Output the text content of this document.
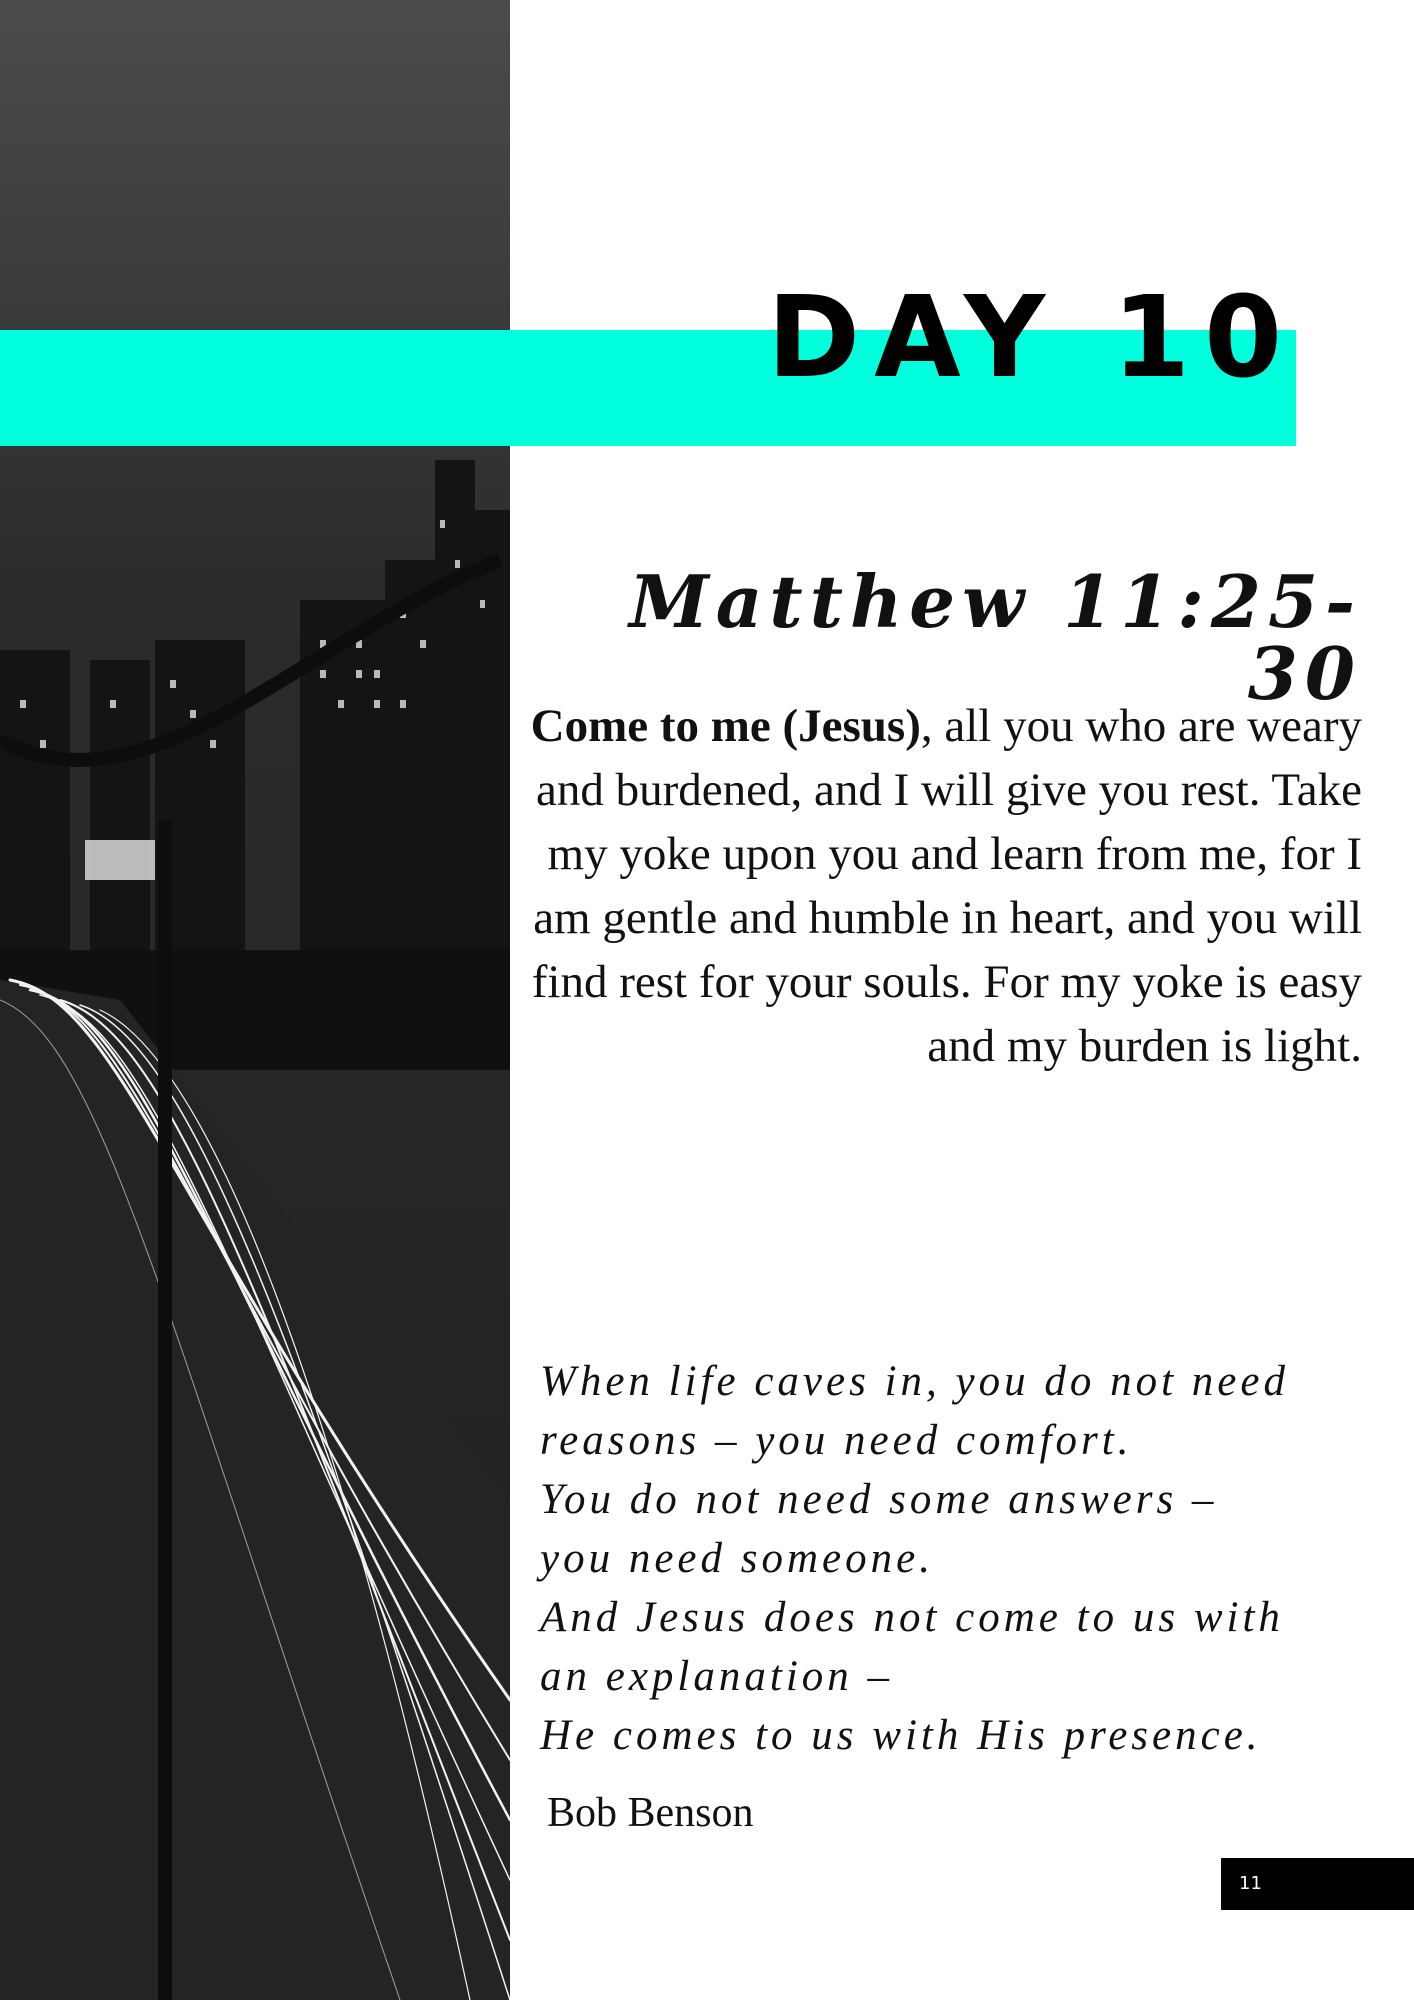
DAY 10
Matthew 11:25-30

Come to me (Jesus), all you who are weary and burdened, and I will give you rest. Take my yoke upon you and learn from me, for I am gentle and humble in heart, and you will find rest for your souls. For my yoke is easy and my burden is light.

When life caves in, you do not need
reasons – you need comfort.
You do not need some answers –
you need someone.
And Jesus does not come to us with
an explanation –
He comes to us with His presence.

Bob Benson
11
